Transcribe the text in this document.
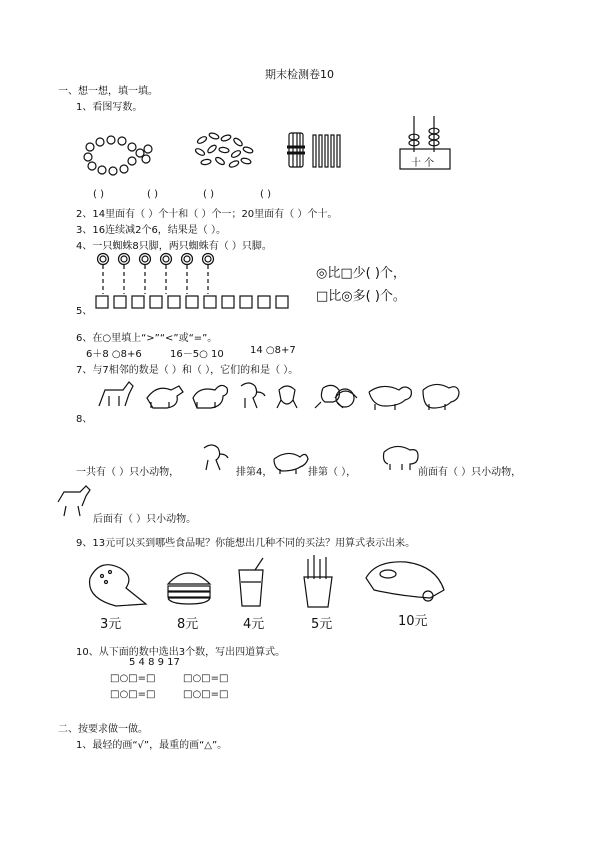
期末检测卷10
一、想一想，填一填。
1、看图写数。
十 个
( )	( )	( )	( )
2、14里面有（ ）个十和（ ）个一；20里面有（ ）个十。
3、16连续减2个6，结果是（ ）。
4、一只蜘蛛8只脚，两只蜘蛛有（ ）只脚。
5、
◎比□少( )个，
□比◎多( )个。
6、在○里填上“>”“<”或“=”。
6＋8 ○8+6	16－5○ 10	14 ○8+7
7、与7相邻的数是（ ）和（ ），它们的和是（ ）。
8、
一共有（ ）只小动物，	排第4，	排第（ ），	前面有（ ）只小动物，
后面有（ ）只小动物。
9、13元可以买到哪些食品呢？你能想出几种不同的买法？用算式表示出来。
3元	8元	4元	5元	10元
10、从下面的数中选出3个数，写出四道算式。
5 4 8 9 17
□○□=□	□○□=□
□○□=□	□○□=□
二、按要求做一做。
1、最轻的画“√”，最重的画“△”。
